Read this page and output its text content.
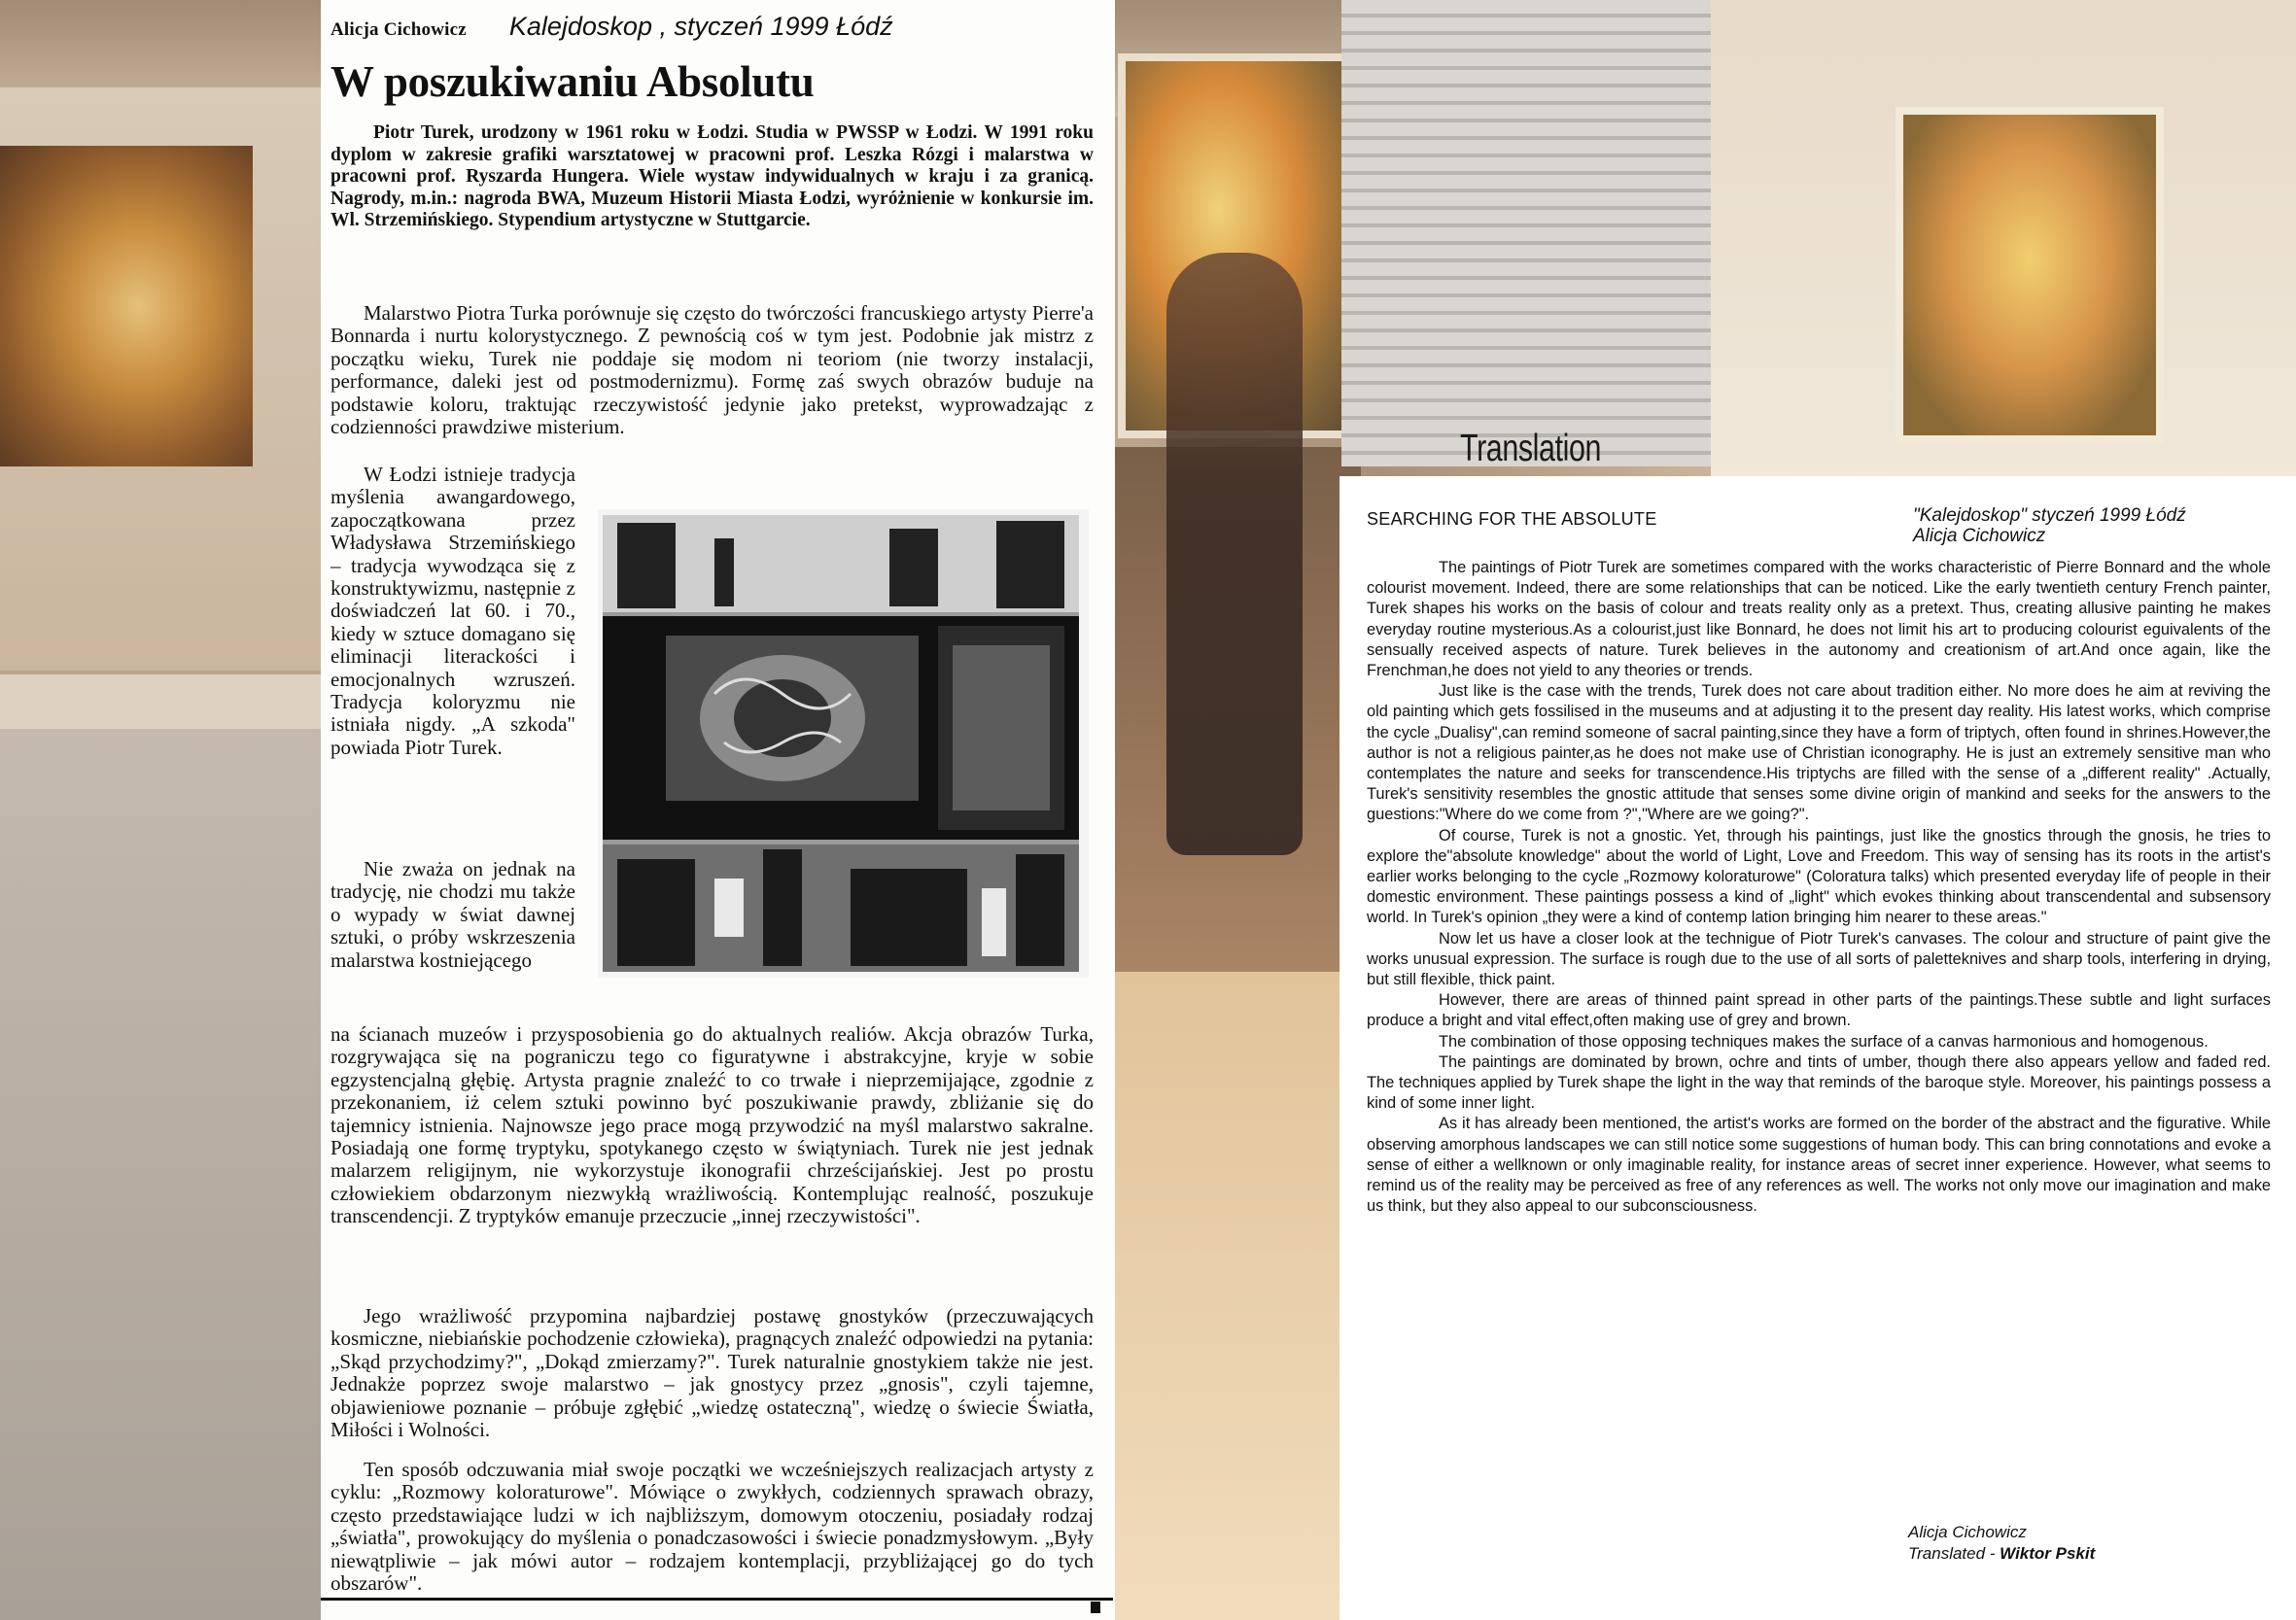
Alicja Cichowicz Kalejdoskop , styczeń 1999 Łódź
W poszukiwaniu Absolutu

Piotr Turek, urodzony w 1961 roku w Łodzi. Studia w PWSSP w Łodzi. W 1991 roku dyplom w zakresie grafiki warsztatowej w pracowni prof. Leszka Rózgi i malarstwa w pracowni prof. Ryszarda Hungera. Wiele wystaw indywidualnych w kraju i za granicą. Nagrody, m.in.: nagroda BWA, Muzeum Historii Miasta Łodzi, wyróżnienie w konkursie im. Wl. Strzemińskiego. Stypendium artystyczne w Stuttgarcie.

Malarstwo Piotra Turka porównuje się często do twórczości francuskiego artysty Pierre'a Bonnarda i nurtu kolorystycznego. Z pewnością coś w tym jest. Podobnie jak mistrz z początku wieku, Turek nie poddaje się modom ni teoriom (nie tworzy instalacji, performance, daleki jest od postmodernizmu). Formę zaś swych obrazów buduje na podstawie koloru, traktując rzeczywistość jedynie jako pretekst, wyprowadzając z codzienności prawdziwe misterium.

W Łodzi istnieje tradycja myślenia awangardowego, zapoczątkowana przez Władysława Strzemińskiego – tradycja wywodząca się z konstruktywizmu, następnie z doświadczeń lat 60. i 70., kiedy w sztuce domagano się eliminacji literackości i emocjonalnych wzruszeń. Tradycja koloryzmu nie istniała nigdy. „A szkoda" powiada Piotr Turek.

Nie zważa on jednak na tradycję, nie chodzi mu także o wypady w świat dawnej sztuki, o próby wskrzeszenia malarstwa kostniejącego

na ścianach muzeów i przysposobienia go do aktualnych realiów. Akcja obrazów Turka, rozgrywająca się na pograniczu tego co figuratywne i abstrakcyjne, kryje w sobie egzystencjalną głębię. Artysta pragnie znaleźć to co trwałe i nieprzemijające, zgodnie z przekonaniem, iż celem sztuki powinno być poszukiwanie prawdy, zbliżanie się do tajemnicy istnienia. Najnowsze jego prace mogą przywodzić na myśl malarstwo sakralne. Posiadają one formę tryptyku, spotykanego często w świątyniach. Turek nie jest jednak malarzem religijnym, nie wykorzystuje ikonografii chrześcijańskiej. Jest po prostu człowiekiem obdarzonym niezwykłą wrażliwością. Kontemplując realność, poszukuje transcendencji. Z tryptyków emanuje przeczucie „innej rzeczywistości".

Jego wrażliwość przypomina najbardziej postawę gnostyków (przeczuwających kosmiczne, niebiańskie pochodzenie człowieka), pragnących znaleźć odpowiedzi na pytania: „Skąd przychodzimy?", „Dokąd zmierzamy?". Turek naturalnie gnostykiem także nie jest. Jednakże poprzez swoje malarstwo – jak gnostycy przez „gnosis", czyli tajemne, objawieniowe poznanie – próbuje zgłębić „wiedzę ostateczną", wiedzę o świecie Światła, Miłości i Wolności.

Ten sposób odczuwania miał swoje początki we wcześniejszych realizacjach artysty z cyklu: „Rozmowy koloraturowe". Mówiące o zwykłych, codziennych sprawach obrazy, często przedstawiające ludzi w ich najbliższym, domowym otoczeniu, posiadały rodzaj „światła", prowokujący do myślenia o ponadczasowości i świecie ponadzmysłowym. „Były niewątpliwie – jak mówi autor – rodzajem kontemplacji, przybliżającej go do tych obszarów".

Translation
SEARCHING FOR THE ABSOLUTE	"Kalejdoskop" styczeń 1999 Łódź
Alicja Cichowicz

The paintings of Piotr Turek are sometimes compared with the works characteristic of Pierre Bonnard and the whole colourist movement. Indeed, there are some relationships that can be noticed. Like the early twentieth century French painter, Turek shapes his works on the basis of colour and treats reality only as a pretext. Thus, creating allusive painting he makes everyday routine mysterious.As a colourist,just like Bonnard, he does not limit his art to producing colourist eguivalents of the sensually received aspects of nature. Turek believes in the autonomy and creationism of art.And once again, like the Frenchman,he does not yield to any theories or trends.

Just like is the case with the trends, Turek does not care about tradition either. No more does he aim at reviving the old painting which gets fossilised in the museums and at adjusting it to the present day reality. His latest works, which comprise the cycle „Dualisy",can remind someone of sacral painting,since they have a form of triptych, often found in shrines.However,the author is not a religious painter,as he does not make use of Christian iconography. He is just an extremely sensitive man who contemplates the nature and seeks for transcendence.His triptychs are filled with the sense of a „different reality" .Actually, Turek's sensitivity resembles the gnostic attitude that senses some divine origin of mankind and seeks for the answers to the guestions:"Where do we come from ?","Where are we going?".

Of course, Turek is not a gnostic. Yet, through his paintings, just like the gnostics through the gnosis, he tries to explore the"absolute knowledge" about the world of Light, Love and Freedom. This way of sensing has its roots in the artist's earlier works belonging to the cycle „Rozmowy koloraturowe" (Coloratura talks) which presented everyday life of people in their domestic environment. These paintings possess a kind of „light" which evokes thinking about transcendental and subsensory world. In Turek's opinion „they were a kind of contemp lation bringing him nearer to these areas."

Now let us have a closer look at the technigue of Piotr Turek's canvases. The colour and structure of paint give the works unusual expression. The surface is rough due to the use of all sorts of paletteknives and sharp tools, interfering in drying, but still flexible, thick paint.

However, there are areas of thinned paint spread in other parts of the paintings.These subtle and light surfaces produce a bright and vital effect,often making use of grey and brown.

The combination of those opposing techniques makes the surface of a canvas harmonious and homogenous.

The paintings are dominated by brown, ochre and tints of umber, though there also appears yellow and faded red. The techniques applied by Turek shape the light in the way that reminds of the baroque style. Moreover, his paintings possess a kind of some inner light.

As it has already been mentioned, the artist's works are formed on the border of the abstract and the figurative. While observing amorphous landscapes we can still notice some suggestions of human body. This can bring connotations and evoke a sense of either a wellknown or only imaginable reality, for instance areas of secret inner experience. However, what seems to remind us of the reality may be perceived as free of any references as well. The works not only move our imagination and make us think, but they also appeal to our subconsciousness.

Alicja Cichowicz
Translated - Wiktor Pskit
